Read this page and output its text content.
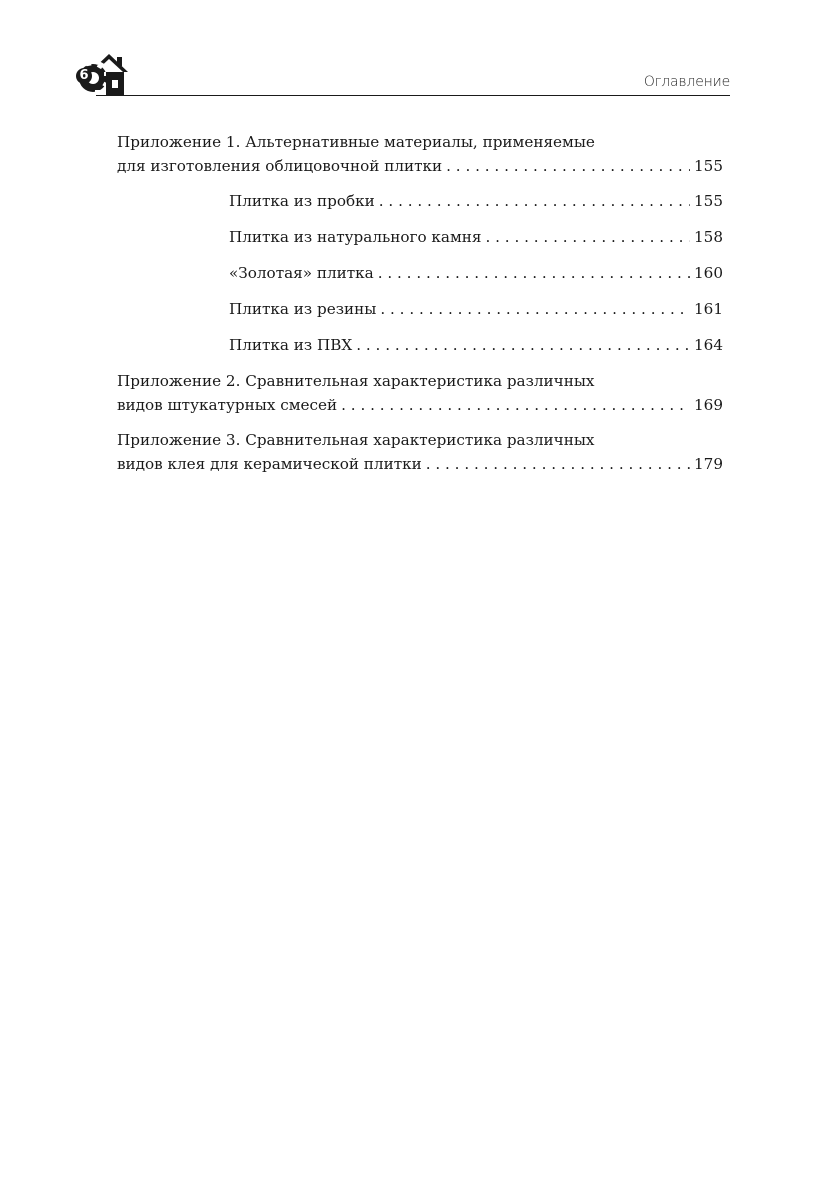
6	Оглавление
Приложение 1. Альтернативные материалы, применяемые
для изготовления облицовочной плитки . . .	155
Плитка из пробки . . .	155
Плитка из натурального камня . . .	158
«Золотая» плитка . . .	160
Плитка из резины . . .	161
Плитка из ПВХ . . .	164
Приложение 2. Сравнительная характеристика различных
видов штукатурных смесей . . .	169
Приложение 3. Сравнительная характеристика различных
видов клея для керамической плитки . . .	179
